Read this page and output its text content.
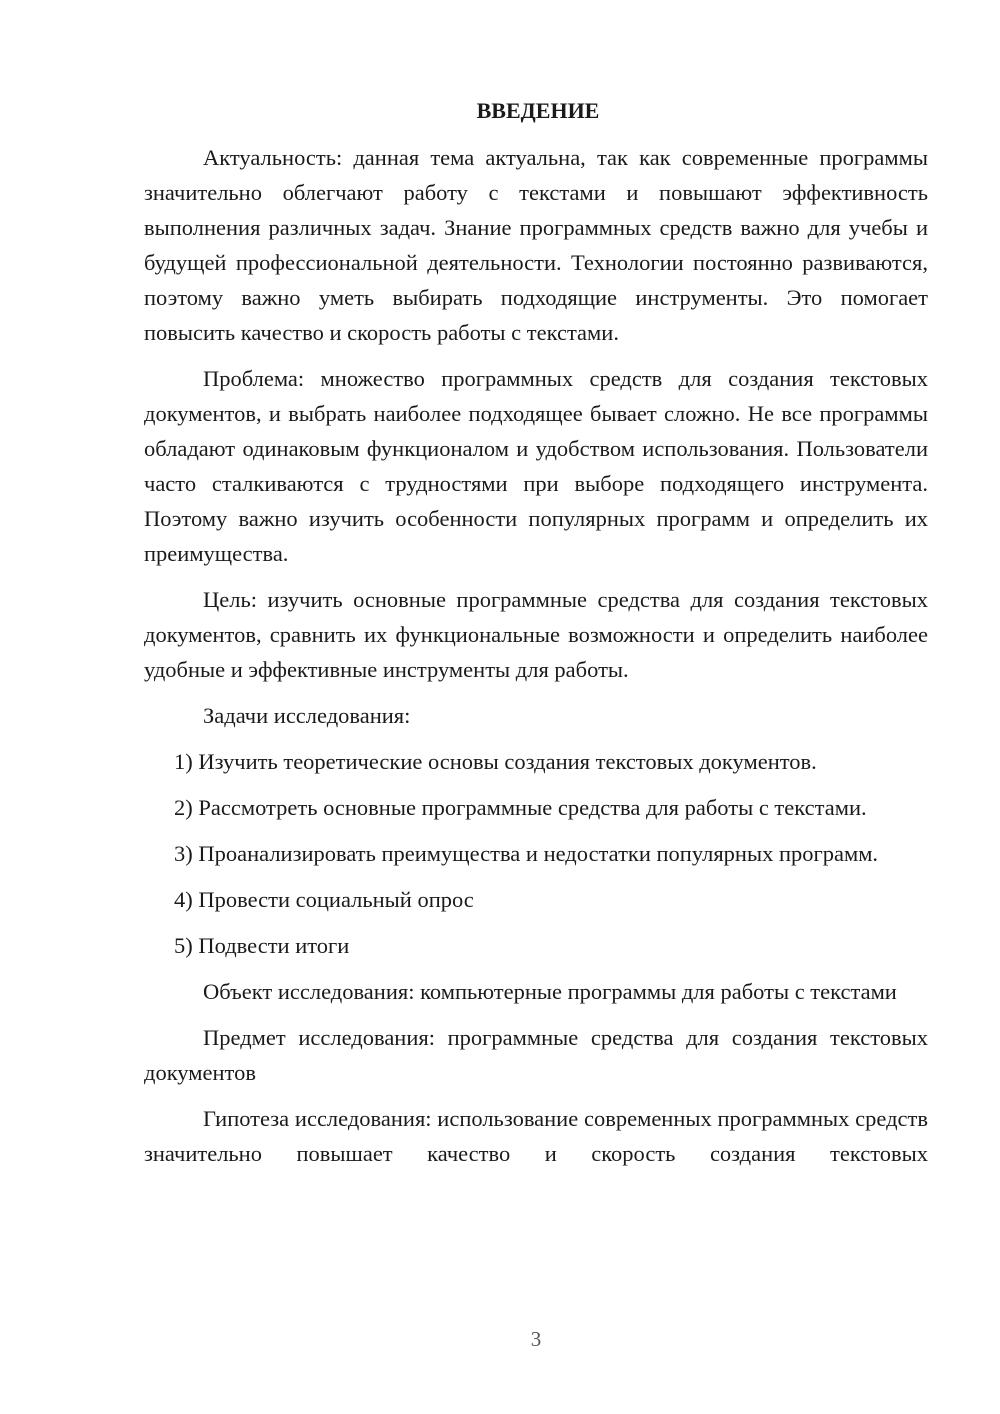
ВВЕДЕНИЕ

Актуальность: данная тема актуальна, так как современные программы значительно облегчают работу с текстами и повышают эффективность выполнения различных задач. Знание программных средств важно для учебы и будущей профессиональной деятельности. Технологии постоянно развиваются, поэтому важно уметь выбирать подходящие инструменты. Это помогает повысить качество и скорость работы с текстами.

Проблема: множество программных средств для создания текстовых документов, и выбрать наиболее подходящее бывает сложно. Не все программы обладают одинаковым функционалом и удобством использования. Пользователи часто сталкиваются с трудностями при выборе подходящего инструмента. Поэтому важно изучить особенности популярных программ и определить их преимущества.

Цель: изучить основные программные средства для создания текстовых документов, сравнить их функциональные возможности и определить наиболее удобные и эффективные инструменты для работы.

Задачи исследования:

1) Изучить теоретические основы создания текстовых документов.

2) Рассмотреть основные программные средства для работы с текстами.

3) Проанализировать преимущества и недостатки популярных программ.

4) Провести социальный опрос

5) Подвести итоги

Объект исследования: компьютерные программы для работы с текстами

Предмет исследования: программные средства для создания текстовых документов

Гипотеза исследования: использование современных программных средств значительно повышает качество и скорость создания текстовых

3
